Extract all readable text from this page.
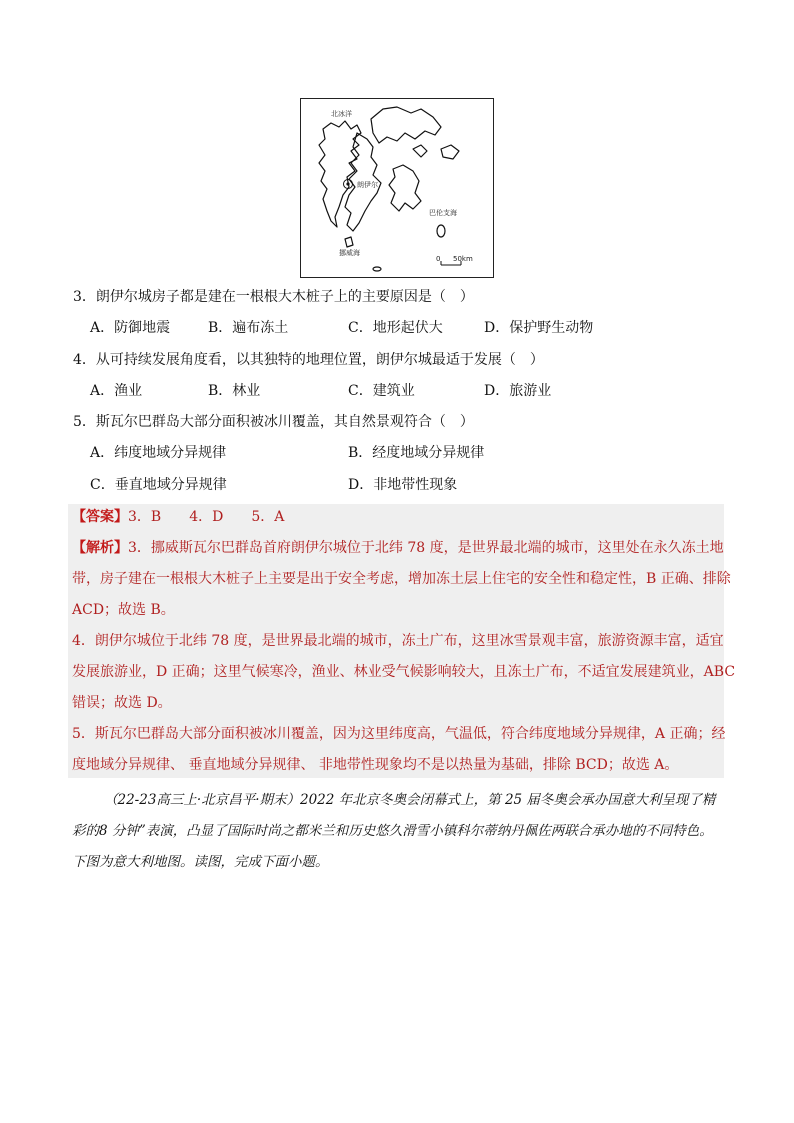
北冰洋
朗伊尔
巴伦支海
挪威海
0 50km
3．朗伊尔城房子都是建在一根根大木桩子上的主要原因是（　）
A．防御地震	B．遍布冻土	C．地形起伏大	D．保护野生动物
4．从可持续发展角度看，以其独特的地理位置，朗伊尔城最适于发展（　）
A．渔业	B．林业	C．建筑业	D．旅游业
5．斯瓦尔巴群岛大部分面积被冰川覆盖，其自然景观符合（　）
A．纬度地域分异规律	B．经度地域分异规律
C．垂直地域分异规律	D．非地带性现象
【答案】3．B　　4．D　　5．A
【解析】3．挪威斯瓦尔巴群岛首府朗伊尔城位于北纬 78 度，是世界最北端的城市，这里处在永久冻土地
带，房子建在一根根大木桩子上主要是出于安全考虑，增加冻土层上住宅的安全性和稳定性，B 正确、排除
ACD；故选 B。
4．朗伊尔城位于北纬 78 度，是世界最北端的城市，冻土广布，这里冰雪景观丰富，旅游资源丰富，适宜
发展旅游业，D 正确；这里气候寒冷，渔业、林业受气候影响较大，且冻土广布，不适宜发展建筑业，ABC
错误；故选 D。
5．斯瓦尔巴群岛大部分面积被冰川覆盖，因为这里纬度高，气温低，符合纬度地域分异规律，A 正确；经
度地域分异规律、 垂直地域分异规律、 非地带性现象均不是以热量为基础，排除 BCD；故选 A。
（22-23高三上·北京昌平·期末）2022 年北京冬奥会闭幕式上，第 25 届冬奥会承办国意大利呈现了精
彩的8 分钟”表演，凸显了国际时尚之都米兰和历史悠久滑雪小镇科尔蒂纳丹佩佐两联合承办地的不同特色。
下图为意大利地图。读图，完成下面小题。
